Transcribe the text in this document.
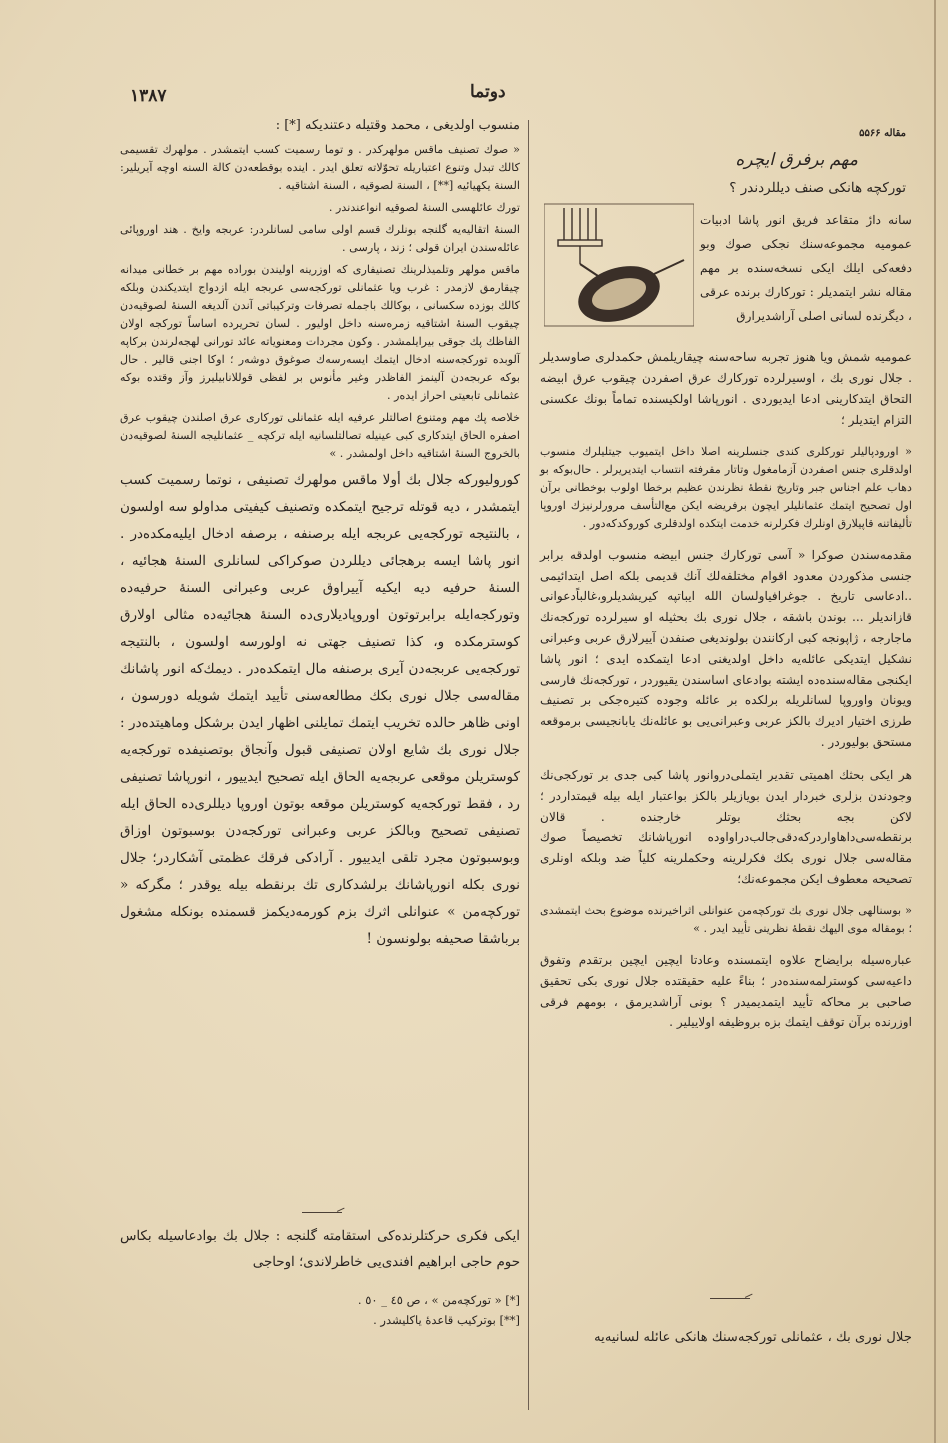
۱۳۸۷	دوتما

منسوب اولدیغی ، محمد وقتیله دعتندیکه [*] :

« صوك تصنیف ماقس مولهرکدر . و توما رسمیت کسب ایتمشدر . مولهرك تقسیمی كالك تبدل وتنوع اعتباریله تحوّلاته تعلق ایدر . اینده بوقطعه‌دن کالة السنه اوچه آیریلیر: السنة یکهیائیه [**] ، السنة لصوقیه ، السنة اشتاقیه .

تورك عائلهسی السنهٔ لصوقیه انواعندندر .

السنهٔ اتقالیه‌یه گلنجه بونلرك قسم اولی سامی لسانلردر: عربجه وایخ . هند اوروپائی عائله‌سندن ایران قولی ؛ زند ، پارسی .

ماقس مولهر وتلمیذلرینك تصنیفاری که اوزرینه اولیندن بوراده مهم بر خطانی میدانه چیقارمق لازمدر : غرب ویا عثمانلی تورکجه‌سی عربجه ایله ازدواج ایتدیکندن وبلکه کالك بوزده سکسانی ، بوکالك باجمله تصرفات وترکیباتی آندن آلدیغه السنهٔ لصوقیه‌دن چیقوب السنهٔ اشتاقیه زمره‌سنه داخل اولیور . لسان تحریرده اساساً تورکجه اولان الفاظك پك جوقی بیرایلمشدر . وکون مجردات ومعنویاته عائد تورانی لهجه‌لرندن برکاپه آلوبده تورکجه‌سنه ادخال ایتمك ایسه‌رسه‌ك صوغوق دوشه‌ر ؛ اوكا اجنی قالیر . حال بوکه عربجه‌دن آلینمز الفاظدر وغیر مأنوس بر لفظی قوللانابیلیرز وآز وقتده بوکه عثمانلی تابعیتی احراز ایده‌ر .

خلاصه پك مهم ومتنوع اصالتلر عرفیه ایله عثمانلی تورکاری عرق اصلندن چیقوب عرق اصفره الحاق ایتدکاری کبی عینیله تصالتلسانیه ایله ترکچه _ عثمانلیجه السنهٔ لصوقیه‌دن بالخروج السنهٔ اشتاقیه داخل اولمشدر . »

کوروليورکه جلال بك أولا ماقس مولهرك تصنیفی ، نوتما رسمیت کسب ایتمشدر ، دیه قوتله ترجیح ایتمکده وتصنیف کیفیتی مداولو سه اولسون ، بالنتیجه تورکجه‌یی عربجه ایله برصنفه ، برصفه ادخال ایلیه‌مکده‌در . انور پاشا ایسه برهجائی دیللردن صوکراکی لسانلری السنهٔ هجائیه ، السنهٔ حرفیه دیه ایکیه آییراوق عربی وعبرانی السنهٔ حرفیه‌ده وتورکجه‌ایله برابرتوتون اوروپادیلاری‌ده السنهٔ هجائیه‌ده مثالی اولارق کوسترمکده و، کذا تصنیف جهتی نه اولورسه اولسون ، بالنتیجه تورکجه‌یی عربجه‌دن آیری برصنفه مال ایتمکده‌در . دیمك‌که انور پاشانك مقاله‌سی جلال نوری بکك مطالعه‌سنی تأیید ایتمك شویله دورسون ، اونی ظاهر حالده تخریب ایتمك تمایلنی اظهار ایدن برشکل وماهیتده‌در : جلال نوری بك شایع اولان تصنیفی قبول وآنجاق بوتصنیفده تورکجه‌یه کوستریلن موقعی عربجه‌یه الحاق ایله تصحیح ایدییور ، انورپاشا تصنیفی رد ، فقط تورکجه‌یه کوستریلن موقعه بوتون اوروپا دیللری‌ده الحاق ایله تصنیفی تصحیح وبالکز عربی وعبرانی تورکجه‌دن بوسبوتون اوزاق وبوسبوتون مجرد تلقی ایدییور . آرادکی فرقك عظمتی آشکاردر؛ جلال نوری بکله انورپاشانك برلشدکاری تك برنقطه بیله یوقدر ؛ مگرکه « تورکچه‌من » عنوانلی اثرك بزم کورمه‌دیکمز قسمنده بونکله مشغول برباشقا صحیفه بولونسون !

ایکی فکری حرکتلرنده‌کی استقامته گلنجه : جلال بك بوادعاسیله بکاس حوم حاجی ابراهیم افندی‌یی خاطرلاندی؛ اوحاجی
[*] « تورکچه‌من » ، ص ٤٥ _ ٥٠ .
[**] بوترکیب قاعدهٔ یاکلیشدر .
مقاله ۵۵۶۶
مهم برفرق ایچره
تورکچه هانکی صنف دیللردندر ؟
سانه دارٔ متقاعد فریق انور پاشا ادبیات عمومیه مجموعه‌سنك نجکی صوك وبو دفعه‌کی ایلك ایکی نسخه‌سنده بر مهم مقاله نشر ایتمدیلر : تورکارك برنده عرقی ، دیگرنده لسانی اصلی آراشدیرارق

عمومیه شمش ویا هنوز تجربه ساحه‌سنه چیقاریلمش حکمدلری صاوسدیلر . جلال نوری بك ، اوسیرلرده تورکارك عرق اصفردن چیقوب عرق ابیضه التحاق ایتدکارینی ادعا ایدیوردی . انورپاشا اولکیسنده تماماً بونك عکسنی التزام ایتدیلر ؛

« اورودپالیلر تورکلری کندی جنسلرینه اصلا داخل ایتمیوب جیتلیلرك منسوب اولدقلری جنس اصفردن آزمامغول وتاتار مقرفته انتساب ایتدیریرلر . حال‌بوکه بو دهاب علم اجناس جبر وتاریخ نقطهٔ نظرندن عظیم برخطا اولوب بوخطانی برآن اول تصحیح ایتمك عثمانلیلر ایچون برفریضه ایکن مع‌التأسف مرورلرنیزك اوروپا تألیفاتنه قاپیلارق اونلرك فکرلرنه خدمت ایتکده اولدقلری کوروکدکه‌دور .

مقدمه‌سندن صوکرا « آسی تورکارك جنس ابیضه منسوب اولدقه برابر جنسی مذکوردن معدود اقوام مختلفه‌لك آنك قدیمی بلکه اصل ایتدائیمی ..ادعاسی تاریخ . جوغرافیاولسان الله ایباتپه کیریشدیلرو،غالباًدعوانی قازاندیلر ... بوندن باشقه ، جلال نوری بك بحثیله او سیرلرده تورکجه‌نك ماجارجه ، ژاپونجه کبی ارکانندن بولوندیغی صنفدن آییرلارق عربی وعبرانی نشکیل ایتدیکی عائله‌یه داخل اولدیغنی ادعا ایتمکده ایدی ؛ انور پاشا ایکنجی مقاله‌سنده‌ده ایشته بوادعای اساسندن یقیوردر ، تورکجه‌نك فارسی ویونان واوروپا لسانلریله برلکده بر عائله وجوده کتیره‌جکی بر تصنیف طرزی اختیار ادیرك بالکز عربی وعبرانی‌یی بو عائله‌نك یابانجیسی برموقعه مستحق بولیوردر .

هر ایکی بحثك اهمیتی تقدیر ایتملی‌دروانور پاشا کبی جدی بر تورکجی‌نك وجودندن بزلری خبردار ایدن بویازیلر بالکز بواعتبار ایله بیله قیمتداردر ؛ لاکن بجه بحثك بوتلر خارجنده . قالان برنقطه‌سی‌داهاواردرکه‌دقی‌جالب‌دراواوده انورپاشانك تخصیصاً صوك مقاله‌سی جلال نوری بکك فکرلرینه وحکملرینه کلیاً ضد وبلکه اونلری تصحیحه معطوف ایکن مجموعه‌نك؛

« بوسنالهی جلال نوری بك تورکچه‌من عنوانلی اثراخیرنده موضوع بحث ایتمشدی ؛ بومقاله موی الیهك نقطهٔ نظرینی تأیید ایدر . »

عباره‌سیله برایضاح علاوه ایتمسنده وعادتا ایچین ایچین برتقدم وتفوق داعیه‌سی کوسترلمه‌سنده‌در ؛ بناءً علیه حقیقتده جلال نوری بکی تحقیق صاحبی بر محاکه تأیید ایتمدیمیدر ؟ بونی آراشدیرمق ، بومهم فرقی اوزرنده برآن توقف ایتمك بزه بروظیفه اولاییلیر .

جلال نوری بك ، عثمانلی تورکجه‌سنك هانکی عائله لسانیه‌یه
